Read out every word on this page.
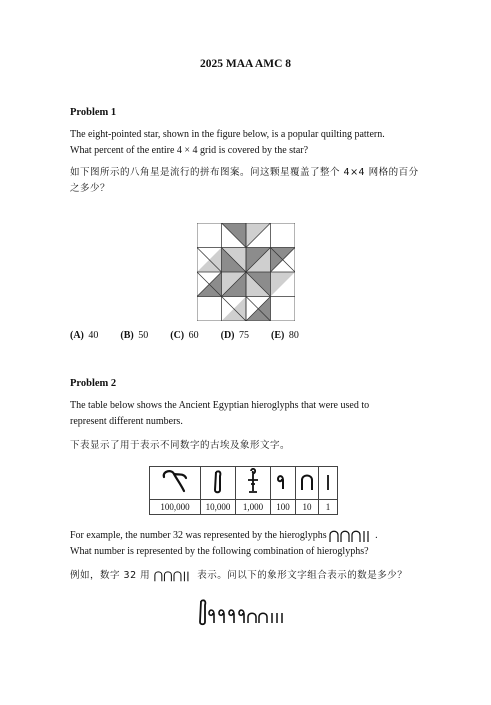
2025 MAA AMC 8
Problem 1
The eight-pointed star, shown in the figure below, is a popular quilting pattern.
What percent of the entire 4 × 4 grid is covered by the star?
如下图所示的八角星是流行的拼布图案。问这颗星覆盖了整个 4×4 网格的百分
之多少？
(A) 40 (B) 50 (C) 60 (D) 75 (E) 80
Problem 2
The table below shows the Ancient Egyptian hieroglyphs that were used to
represent different numbers.
下表显示了用于表示不同数字的古埃及象形文字。

100,000	10,000	1,000	100	10	1
For example, the number 32 was represented by the hieroglyphs	.
What number is represented by the following combination of hieroglyphs?
例如，数字 32 用	表示。问以下的象形文字组合表示的数是多少？
